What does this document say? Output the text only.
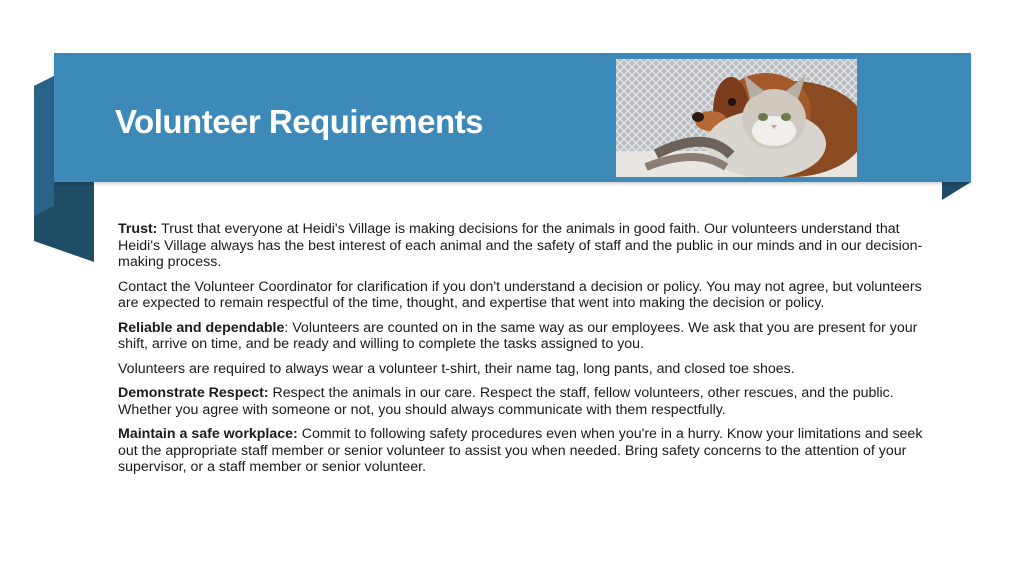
Volunteer Requirements

Trust: Trust that everyone at Heidi's Village is making decisions for the animals in good faith. Our volunteers understand that Heidi's Village always has the best interest of each animal and the safety of staff and the public in our minds and in our decision-making process.

Contact the Volunteer Coordinator for clarification if you don't understand a decision or policy. You may not agree, but volunteers are expected to remain respectful of the time, thought, and expertise that went into making the decision or policy.

Reliable and dependable: Volunteers are counted on in the same way as our employees. We ask that you are present for your shift, arrive on time, and be ready and willing to complete the tasks assigned to you.

Volunteers are required to always wear a volunteer t-shirt, their name tag, long pants, and closed toe shoes.

Demonstrate Respect: Respect the animals in our care. Respect the staff, fellow volunteers, other rescues, and the public. Whether you agree with someone or not, you should always communicate with them respectfully.

Maintain a safe workplace: Commit to following safety procedures even when you're in a hurry. Know your limitations and seek out the appropriate staff member or senior volunteer to assist you when needed. Bring safety concerns to the attention of your supervisor, or a staff member or senior volunteer.
